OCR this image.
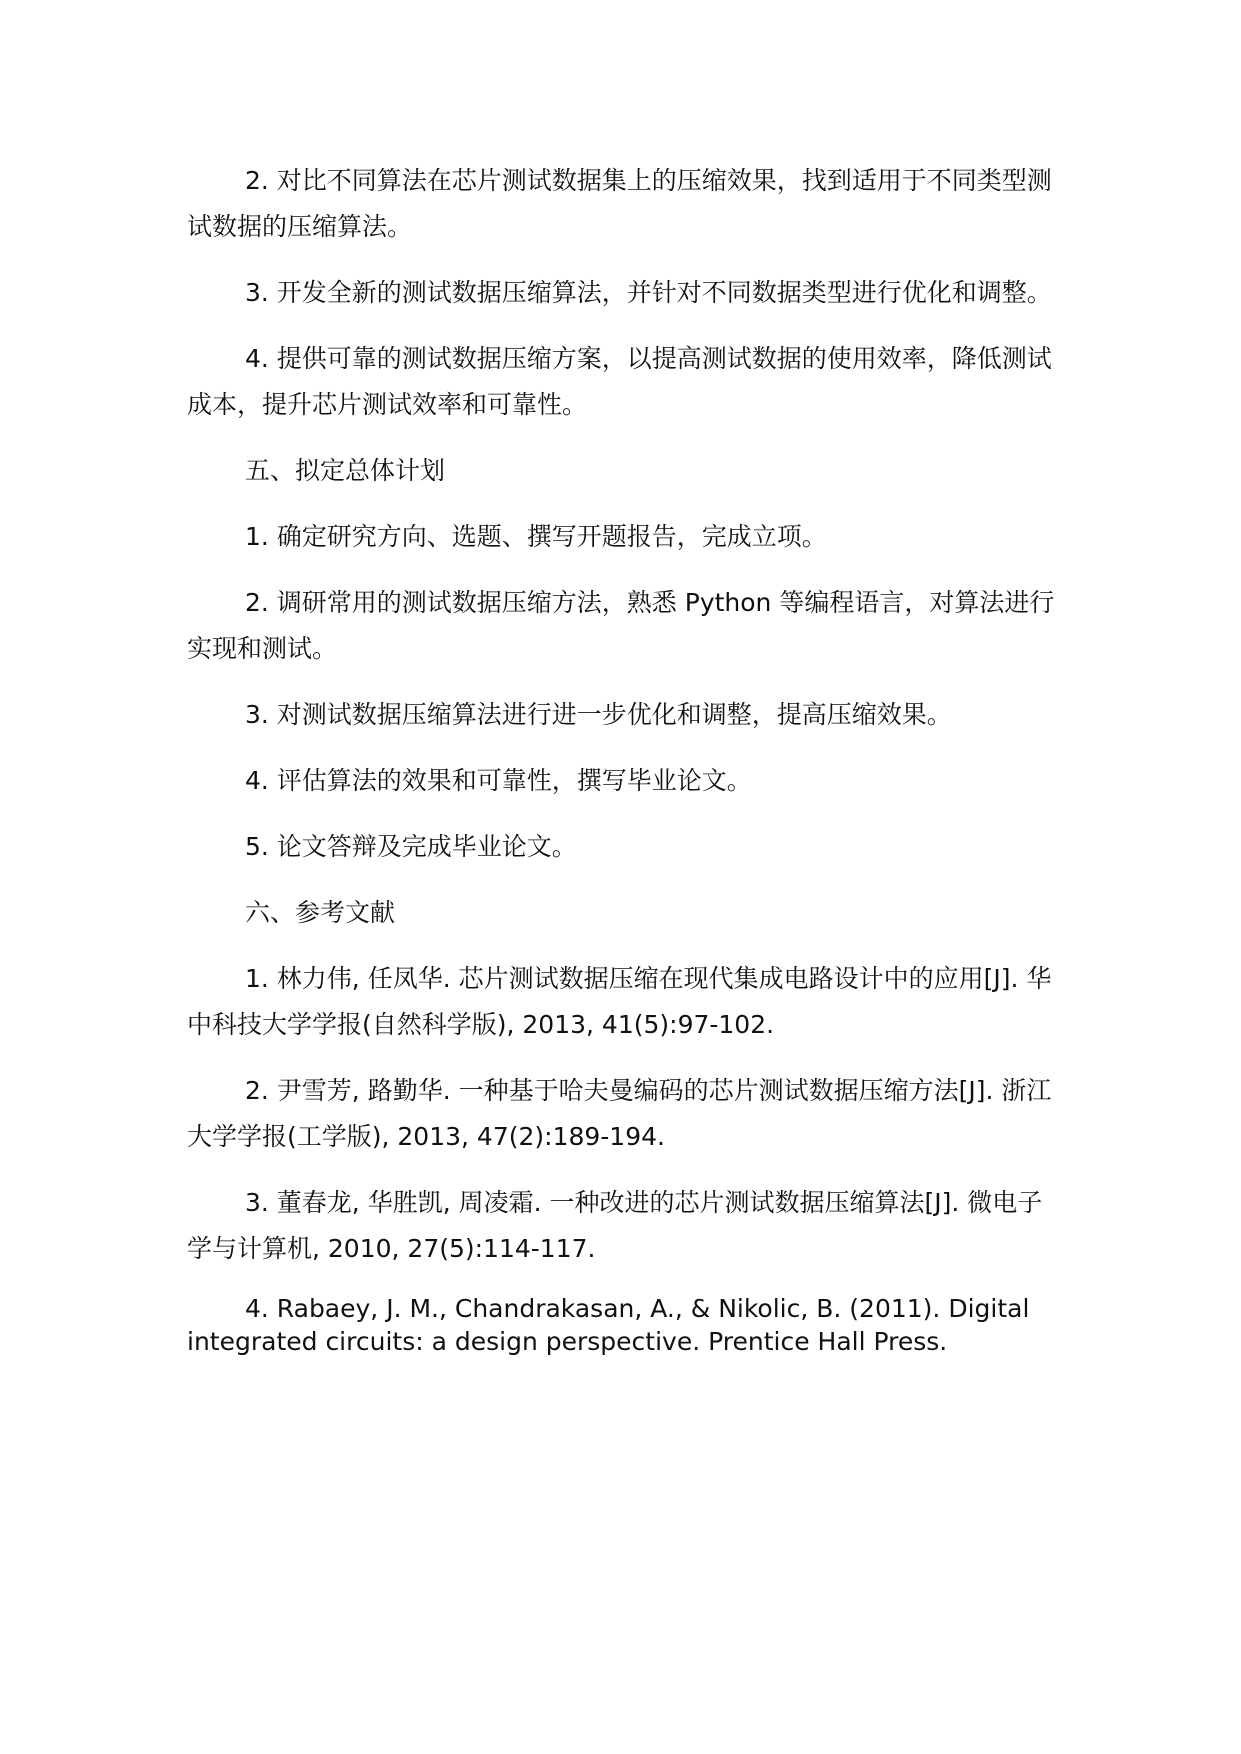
2. 对比不同算法在芯片测试数据集上的压缩效果，找到适用于不同类型测试数据的压缩算法。

3. 开发全新的测试数据压缩算法，并针对不同数据类型进行优化和调整。

4. 提供可靠的测试数据压缩方案，以提高测试数据的使用效率，降低测试成本，提升芯片测试效率和可靠性。

五、拟定总体计划

1. 确定研究方向、选题、撰写开题报告，完成立项。

2. 调研常用的测试数据压缩方法，熟悉 Python 等编程语言，对算法进行实现和测试。

3. 对测试数据压缩算法进行进一步优化和调整，提高压缩效果。

4. 评估算法的效果和可靠性，撰写毕业论文。

5. 论文答辩及完成毕业论文。

六、参考文献

1. 林力伟, 任凤华. 芯片测试数据压缩在现代集成电路设计中的应用[J]. 华中科技大学学报(自然科学版), 2013, 41(5):97-102.

2. 尹雪芳, 路勤华. 一种基于哈夫曼编码的芯片测试数据压缩方法[J]. 浙江大学学报(工学版), 2013, 47(2):189-194.

3. 董春龙, 华胜凯, 周凌霜. 一种改进的芯片测试数据压缩算法[J]. 微电子学与计算机, 2010, 27(5):114-117.

4. Rabaey, J. M., Chandrakasan, A., & Nikolic, B. (2011). Digital integrated circuits: a design perspective. Prentice Hall Press.
